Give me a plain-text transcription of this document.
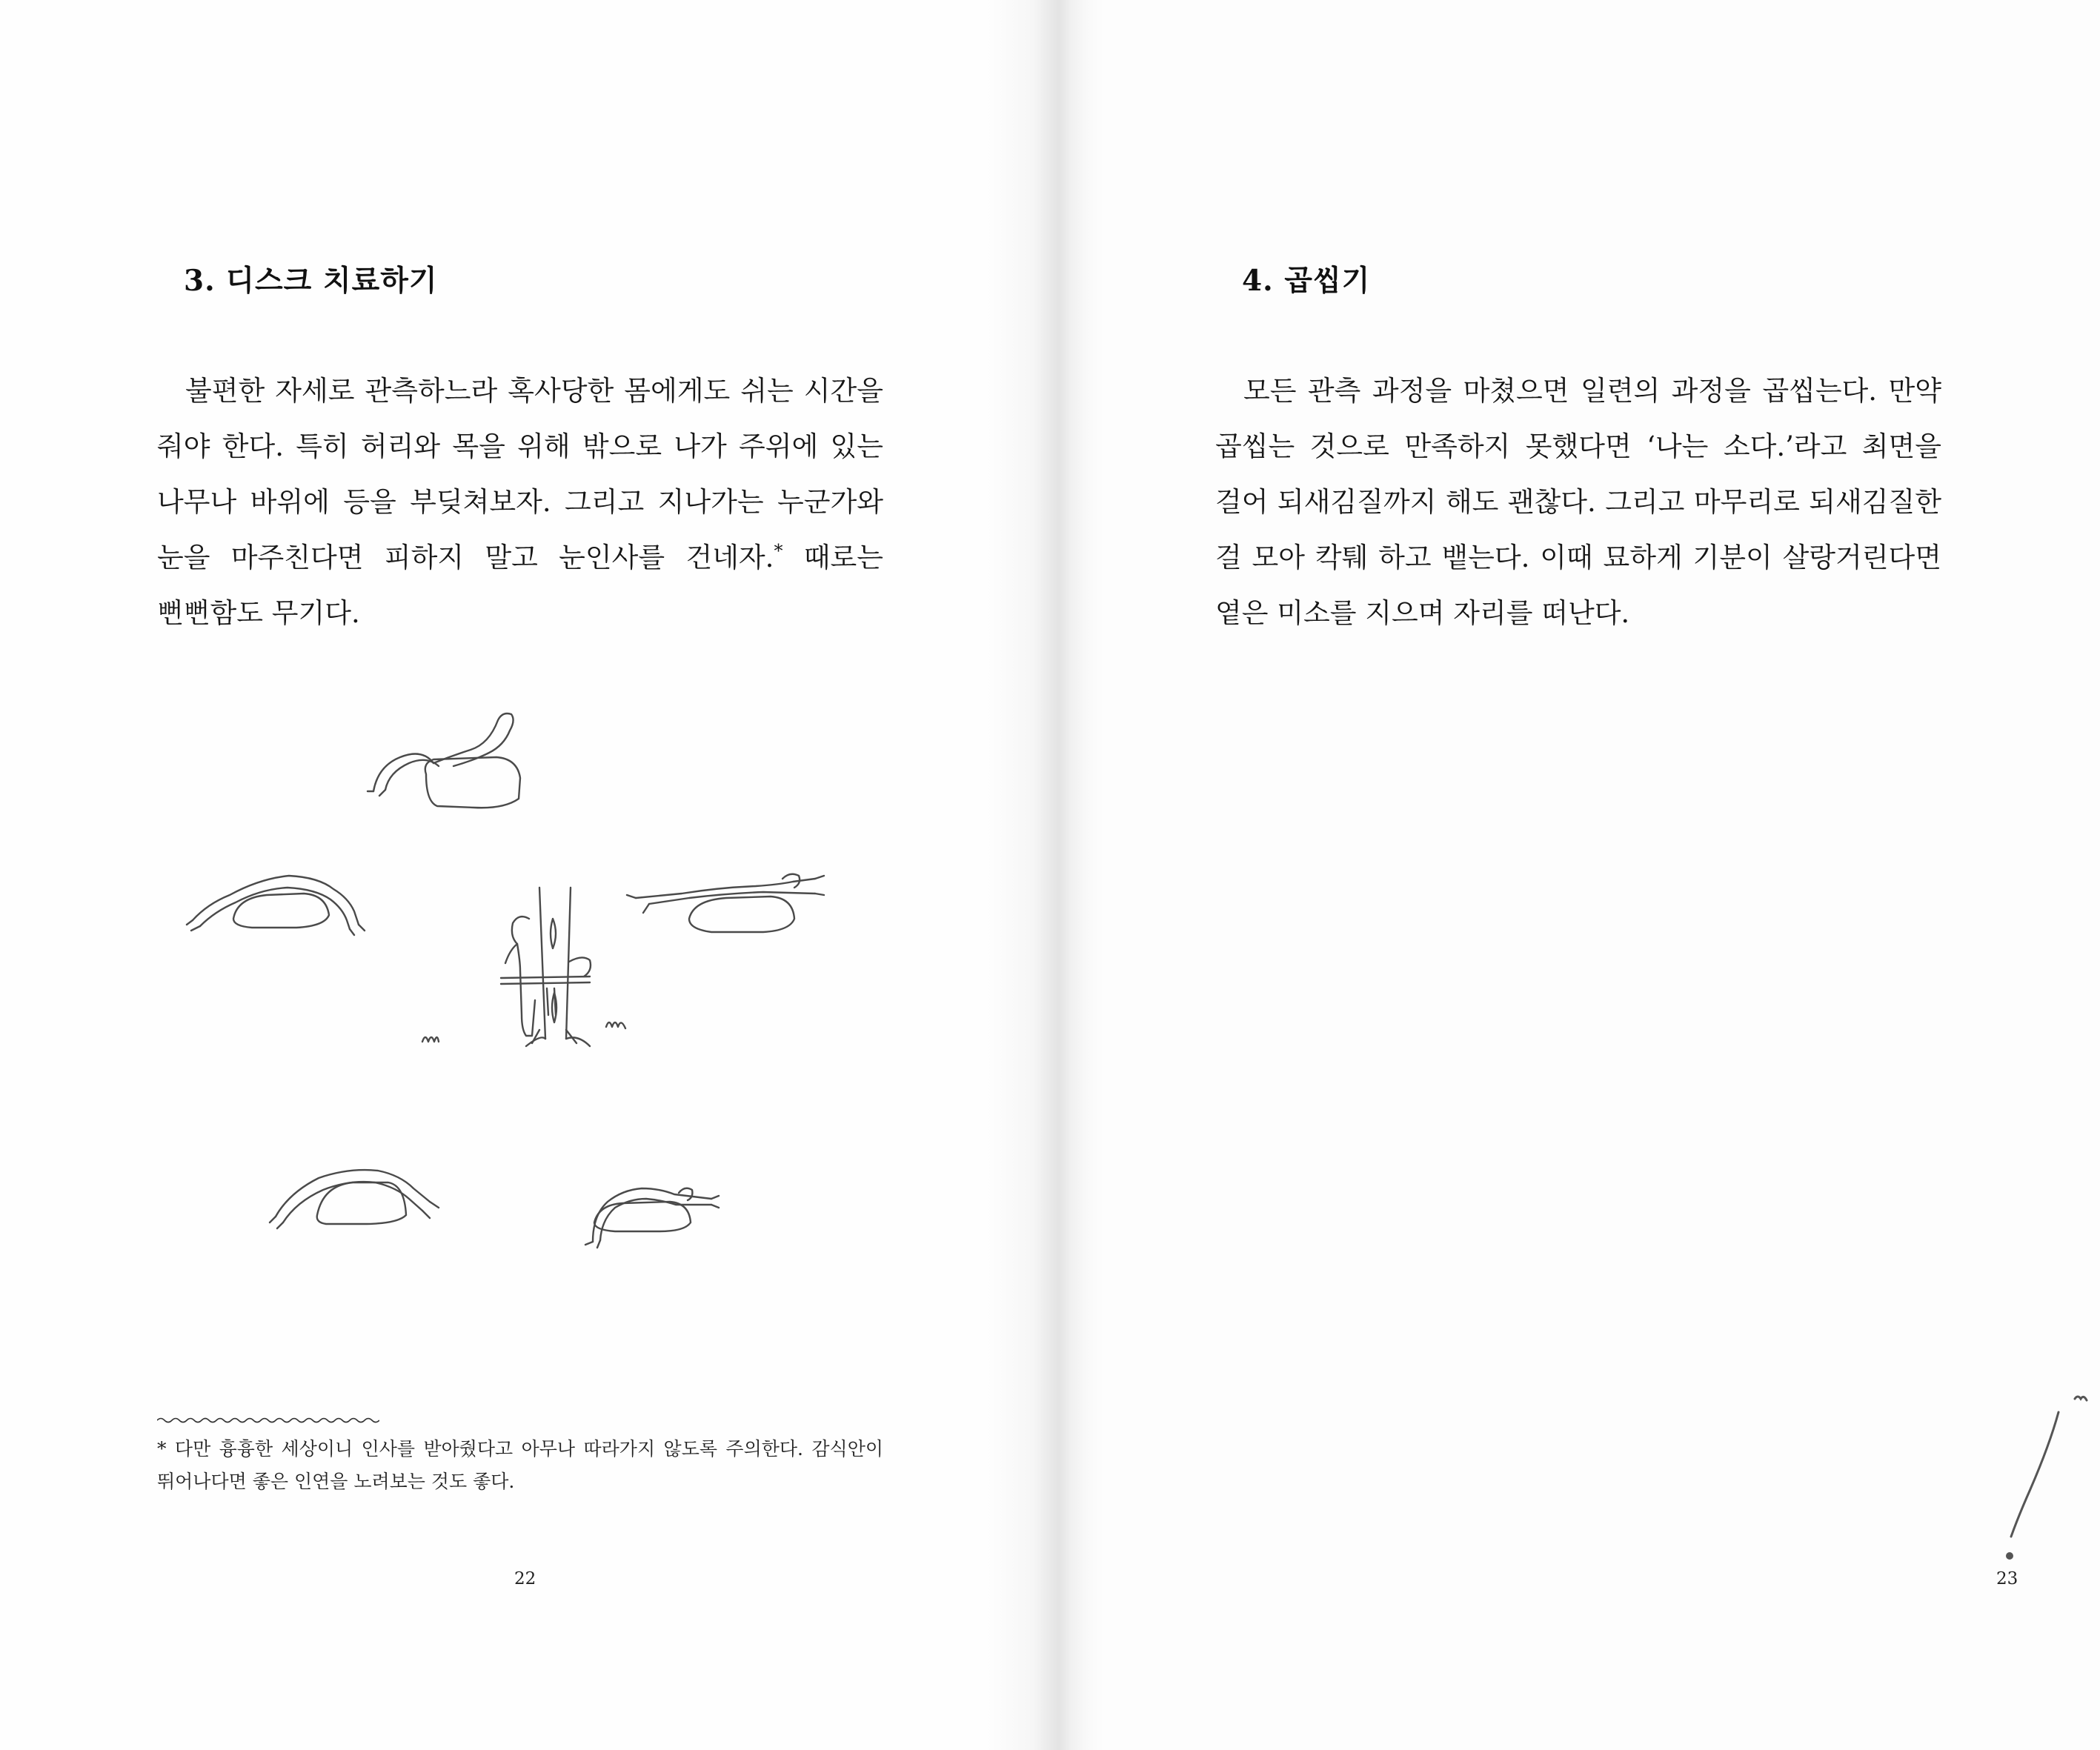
3. 디스크 치료하기

불편한 자세로 관측하느라 혹사당한 몸에게도 쉬는 시간을 줘야 한다. 특히 허리와 목을 위해 밖으로 나가 주위에 있는 나무나 바위에 등을 부딪쳐보자. 그리고 지나가는 누군가와 눈을 마주친다면 피하지 말고 눈인사를 건네자.* 때로는 뻔뻔함도 무기다.

* 다만 흉흉한 세상이니 인사를 받아줬다고 아무나 따라가지 않도록 주의한다. 감식안이 뛰어나다면 좋은 인연을 노려보는 것도 좋다.
22	23
4. 곱씹기

모든 관측 과정을 마쳤으면 일련의 과정을 곱씹는다. 만약 곱씹는 것으로 만족하지 못했다면 ‘나는 소다.’라고 최면을 걸어 되새김질까지 해도 괜찮다. 그리고 마무리로 되새김질한 걸 모아 칵퉤 하고 뱉는다. 이때 묘하게 기분이 살랑거린다면 옅은 미소를 지으며 자리를 떠난다.
